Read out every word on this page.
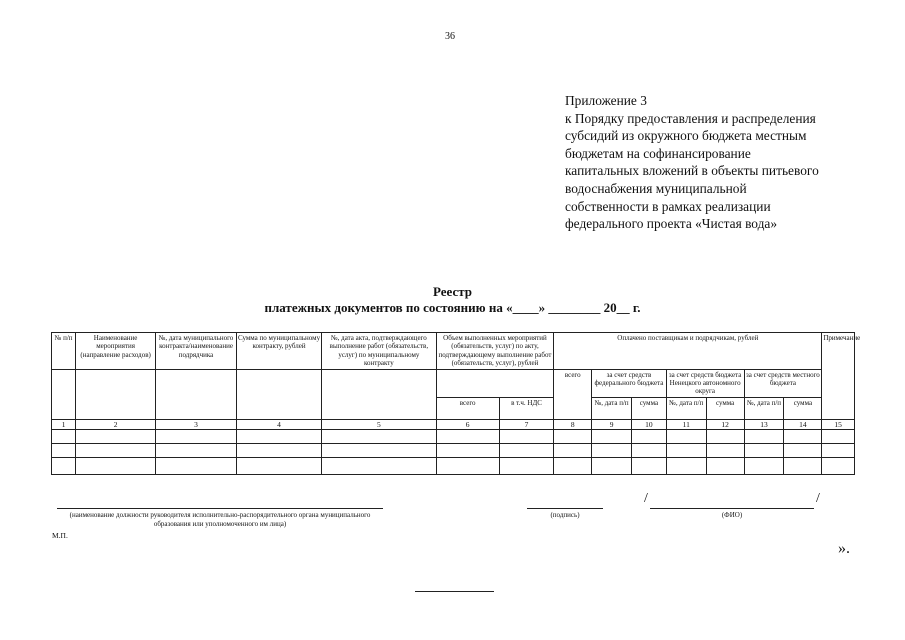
36
Приложение 3
к Порядку предоставления и распределения
субсидий из окружного бюджета местным
бюджетам на софинансирование
капитальных вложений в объекты питьевого
водоснабжения муниципальной
собственности в рамках реализации
федерального проекта «Чистая вода»
Реестр
платежных документов по состоянию на «____» ________ 20__ г.
№ п/п	Наименование мероприятия (направление расходов)	№, дата муниципального контракта/наименование подрядчика	Сумма по муниципальному контракту, рублей	№, дата акта, подтверждающего выполнение работ (обязательств, услуг) по муниципальному контракту	Объем выполненных мероприятий (обязательств, услуг) по акту, подтверждающему выполнение работ (обязательств, услуг), рублей		Оплачено поставщикам и подрядчикам, рублей							Примечание
							всего	за счет средств федерального бюджета		за счет средств бюджета Ненецкого автономного округа		за счет средств местного бюджета		

					всего	в т.ч. НДС		№, дата п/п	сумма	№, дата п/п	сумма	№, дата п/п	сумма	
1	2	3	4	5	6	7	8	9	10	11	12	13	14	15

(наименование должности руководителя исполнительно-распорядительного органа муниципального образования или уполномоченного им лица)
(подпись)
/	/
(ФИО)
М.П.
».
